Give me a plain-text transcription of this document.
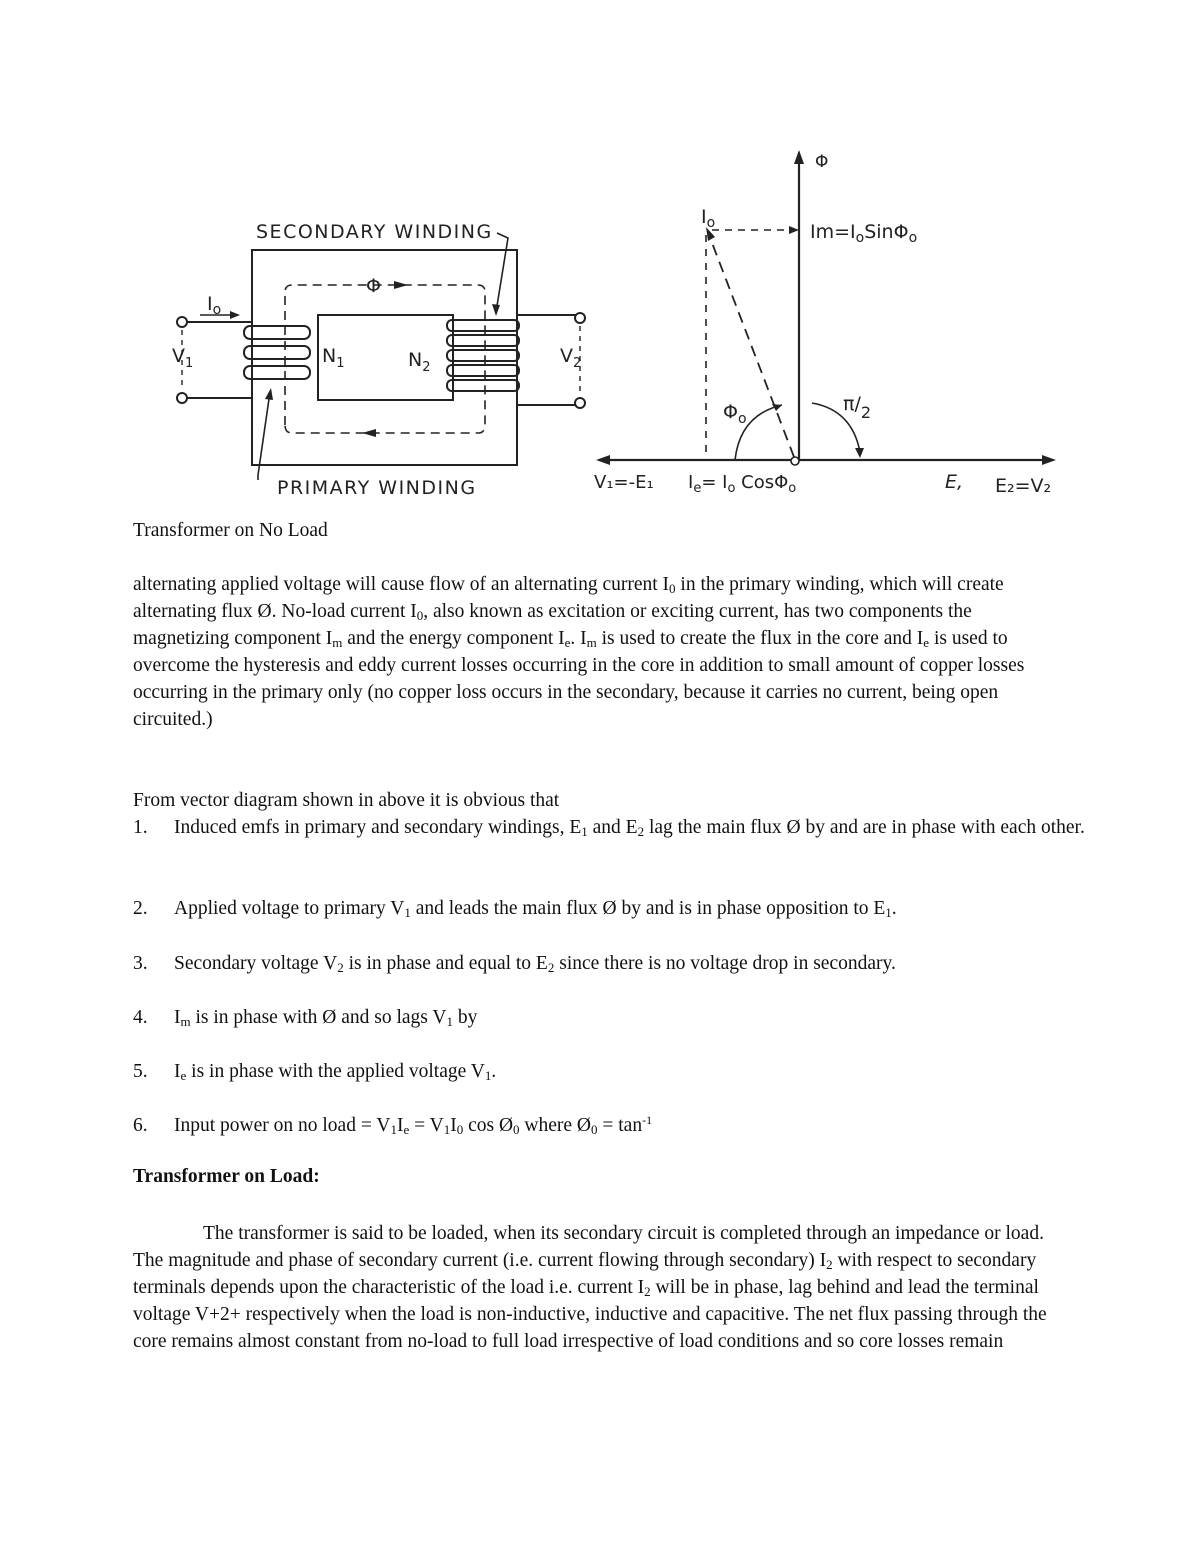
SECONDARY WINDING
PRIMARY WINDING
Φ
$I_o$
$V_1$	$V_2$
$N_1$	$N_2$
Φ
$I_o$	$Im=I_oSin\Phi_o$
$\Phi_o$
$\pi/_2$
V₁=-E₁ $I_e= I_o$ CosΦ$_o$	E, E₂=V₂

Transformer on No Load

alternating applied voltage will cause flow of an alternating current $I_0$ in the primary winding, which will create alternating flux Ø. No-load current $I_0$, also known as excitation or exciting current, has two components the magnetizing component $I_m$ and the energy component $I_e$. $I_m$ is used to create the flux in the core and $I_e$ is used to overcome the hysteresis and eddy current losses occurring in the core in addition to small amount of copper losses occurring in the primary only (no copper loss occurs in the secondary, because it carries no current, being open circuited.)

From vector diagram shown in above it is obvious that

1. Induced emfs in primary and secondary windings, $E_1$ and $E_2$ lag the main flux Ø by and are in phase with each other.
2. Applied voltage to primary $V_1$ and leads the main flux Ø by and is in phase opposition to $E_1$.
3. Secondary voltage $V_2$ is in phase and equal to $E_2$ since there is no voltage drop in secondary.
4. $I_m$ is in phase with Ø and so lags $V_1$ by
5. $I_e$ is in phase with the applied voltage $V_1$.
6. Input power on no load = $V_1I_e = V_1I_0$ $\cos Ø_0$ where $Ø_0 = \tan^{-1}$
Transformer on Load:

The transformer is said to be loaded, when its secondary circuit is completed through an impedance or load. The magnitude and phase of secondary current (i.e. current flowing through secondary) $I_2$ with respect to secondary terminals depends upon the characteristic of the load i.e. current $I_2$ will be in phase, lag behind and lead the terminal voltage V+2+ respectively when the load is non-inductive, inductive and capacitive. The net flux passing through the core remains almost constant from no-load to full load irrespective of load conditions and so core losses remain
